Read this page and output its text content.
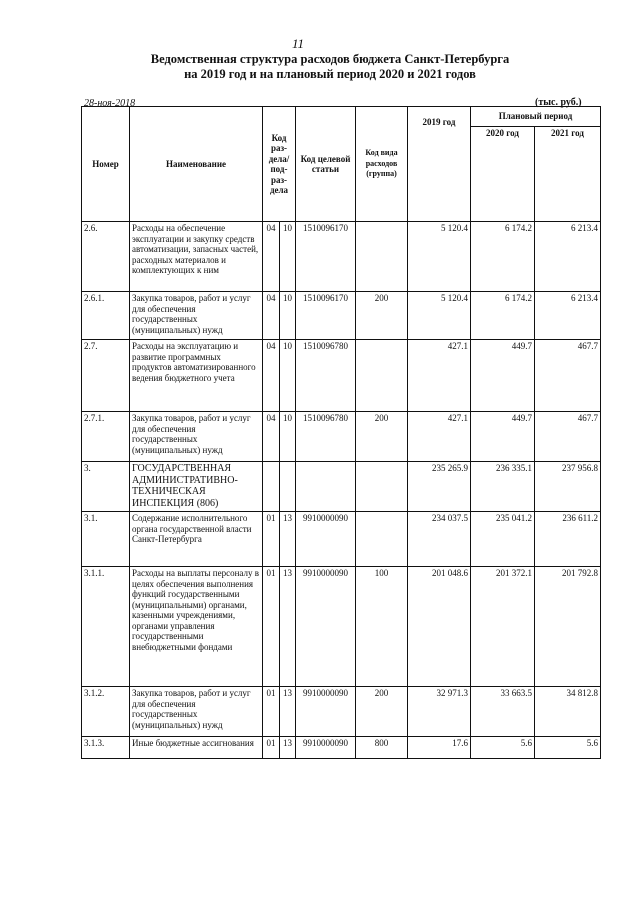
11
Ведомственная структура расходов бюджета Санкт-Петербурга
на 2019 год и на плановый период 2020 и 2021 годов
28-ноя-2018	(тыс. руб.)
Номер	Наименование	Код раз- дела/ под- раз- дела		Код целевой статьи	Код вида расходов (группа)	2019 год	Плановый период	
							2020 год	2021 год
2.6.	Расходы на обеспечение эксплуатации и закупку средств автоматизации, запасных частей, расходных материалов и комплектующих к ним	04	10	1510096170		5 120.4	6 174.2	6 213.4
2.6.1.	Закупка товаров, работ и услуг для обеспечения государственных (муниципальных) нужд	04	10	1510096170	200	5 120.4	6 174.2	6 213.4
2.7.	Расходы на эксплуатацию и развитие программных продуктов автоматизированного ведения бюджетного учета	04	10	1510096780		427.1	449.7	467.7
2.7.1.	Закупка товаров, работ и услуг для обеспечения государственных (муниципальных) нужд	04	10	1510096780	200	427.1	449.7	467.7
3.	ГОСУДАРСТВЕННАЯ АДМИНИСТРАТИВНО-ТЕХНИЧЕСКАЯ ИНСПЕКЦИЯ (806)					235 265.9	236 335.1	237 956.8
3.1.	Содержание исполнительного органа государственной власти Санкт-Петербурга	01	13	9910000090		234 037.5	235 041.2	236 611.2
3.1.1.	Расходы на выплаты персоналу в целях обеспечения выполнения функций государственными (муниципальными) органами, казенными учреждениями, органами управления государственными внебюджетными фондами	01	13	9910000090	100	201 048.6	201 372.1	201 792.8
3.1.2.	Закупка товаров, работ и услуг для обеспечения государственных (муниципальных) нужд	01	13	9910000090	200	32 971.3	33 663.5	34 812.8
3.1.3.	Иные бюджетные ассигнования	01	13	9910000090	800	17.6	5.6	5.6
